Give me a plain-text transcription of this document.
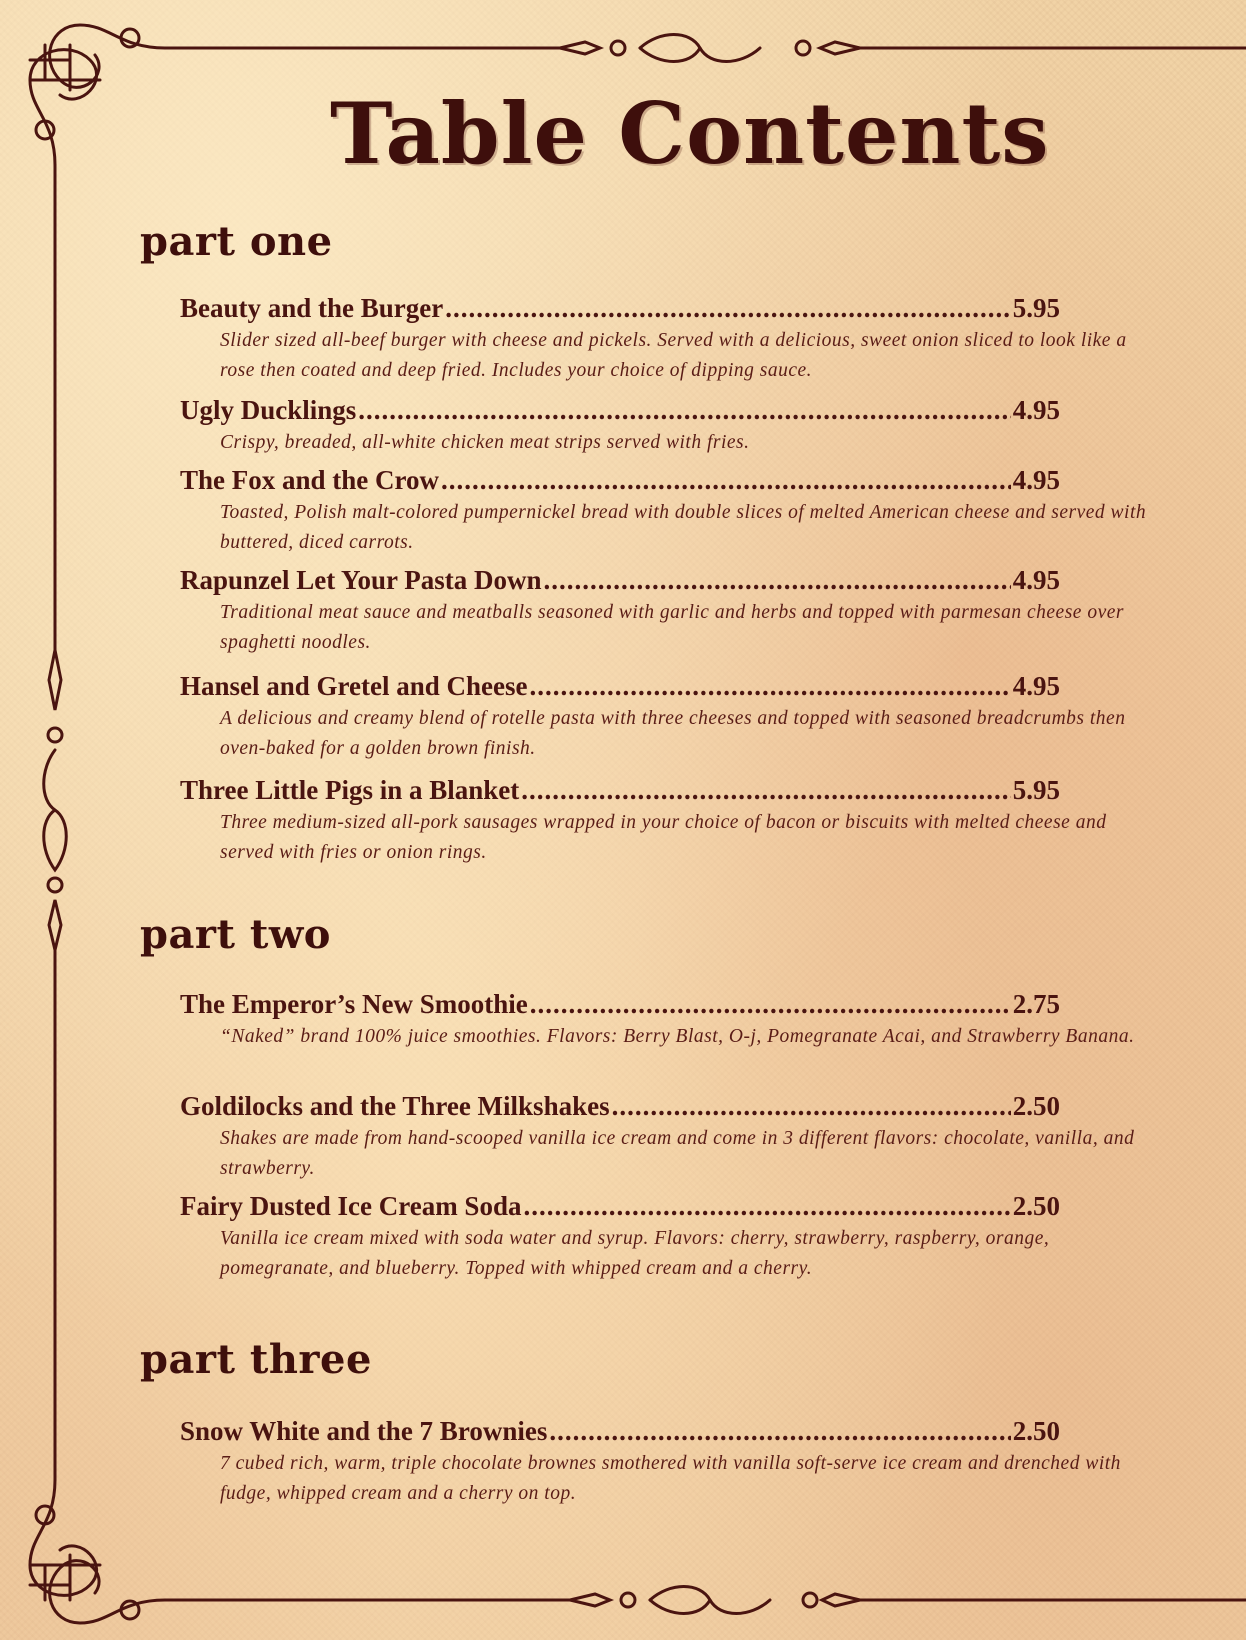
Table Contents
part one
Beauty and the Burger .....	5.95
Slider sized all-beef burger with cheese and pickels. Served with a delicious, sweet onion sliced to look like a rose then coated and deep fried. Includes your choice of dipping sauce.
Ugly Ducklings .....	4.95
Crispy, breaded, all-white chicken meat strips served with fries.
The Fox and the Crow .....	4.95
Toasted, Polish malt-colored pumpernickel bread with double slices of melted American cheese and served with buttered, diced carrots.
Rapunzel Let Your Pasta Down .....	4.95
Traditional meat sauce and meatballs seasoned with garlic and herbs and topped with parmesan cheese over spaghetti noodles.
Hansel and Gretel and Cheese .....	4.95
A delicious and creamy blend of rotelle pasta with three cheeses and topped with seasoned breadcrumbs then oven-baked for a golden brown finish.
Three Little Pigs in a Blanket .....	5.95
Three medium-sized all-pork sausages wrapped in your choice of bacon or biscuits with melted cheese and served with fries or onion rings.
part two
The Emperor’s New Smoothie .....	2.75
“Naked” brand 100% juice smoothies. Flavors: Berry Blast, O-j, Pomegranate Acai, and Strawberry Banana.
Goldilocks and the Three Milkshakes .....	2.50
Shakes are made from hand-scooped vanilla ice cream and come in 3 different flavors: chocolate, vanilla, and strawberry.
Fairy Dusted Ice Cream Soda .....	2.50
Vanilla ice cream mixed with soda water and syrup. Flavors: cherry, strawberry, raspberry, orange, pomegranate, and blueberry. Topped with whipped cream and a cherry.
part three
Snow White and the 7 Brownies .....	2.50
7 cubed rich, warm, triple chocolate brownes smothered with vanilla soft-serve ice cream and drenched with fudge, whipped cream and a cherry on top.
